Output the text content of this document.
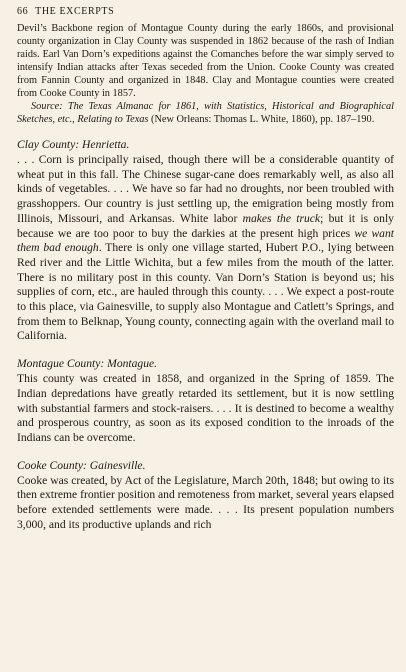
66 THE EXCERPTS

Devil’s Backbone region of Montague County during the early 1860s, and provisional county organization in Clay County was suspended in 1862 because of the rash of Indian raids. Earl Van Dorn’s expeditions against the Comanches before the war simply served to intensify Indian attacks after Texas seceded from the Union. Cooke County was created from Fannin County and organized in 1848. Clay and Montague counties were created from Cooke County in 1857.

Source: The Texas Almanac for 1861, with Statistics, Historical and Biographical Sketches, etc., Relating to Texas (New Orleans: Thomas L. White, 1860), pp. 187–190.

Clay County: Henrietta.

. . . Corn is principally raised, though there will be a considerable quantity of wheat put in this fall. The Chinese sugar-cane does remarkably well, as also all kinds of vegetables. . . . We have so far had no droughts, nor been troubled with grasshoppers. Our country is just settling up, the emigration being mostly from Illinois, Missouri, and Arkansas. White labor makes the truck; but it is only because we are too poor to buy the darkies at the present high prices we want them bad enough. There is only one village started, Hubert P.O., lying between Red river and the Little Wichita, but a few miles from the mouth of the latter. There is no military post in this county. Van Dorn’s Station is beyond us; his supplies of corn, etc., are hauled through this county. . . . We expect a post-route to this place, via Gainesville, to supply also Montague and Catlett’s Springs, and from them to Belknap, Young county, connecting again with the overland mail to California.

Montague County: Montague.

This county was created in 1858, and organized in the Spring of 1859. The Indian depredations have greatly retarded its settlement, but it is now settling with substantial farmers and stock-raisers. . . . It is destined to become a wealthy and prosperous country, as soon as its exposed condition to the inroads of the Indians can be overcome.

Cooke County: Gainesville.

Cooke was created, by Act of the Legislature, March 20th, 1848; but owing to its then extreme frontier position and remoteness from market, several years elapsed before extended settlements were made. . . . Its present population numbers 3,000, and its productive uplands and rich
